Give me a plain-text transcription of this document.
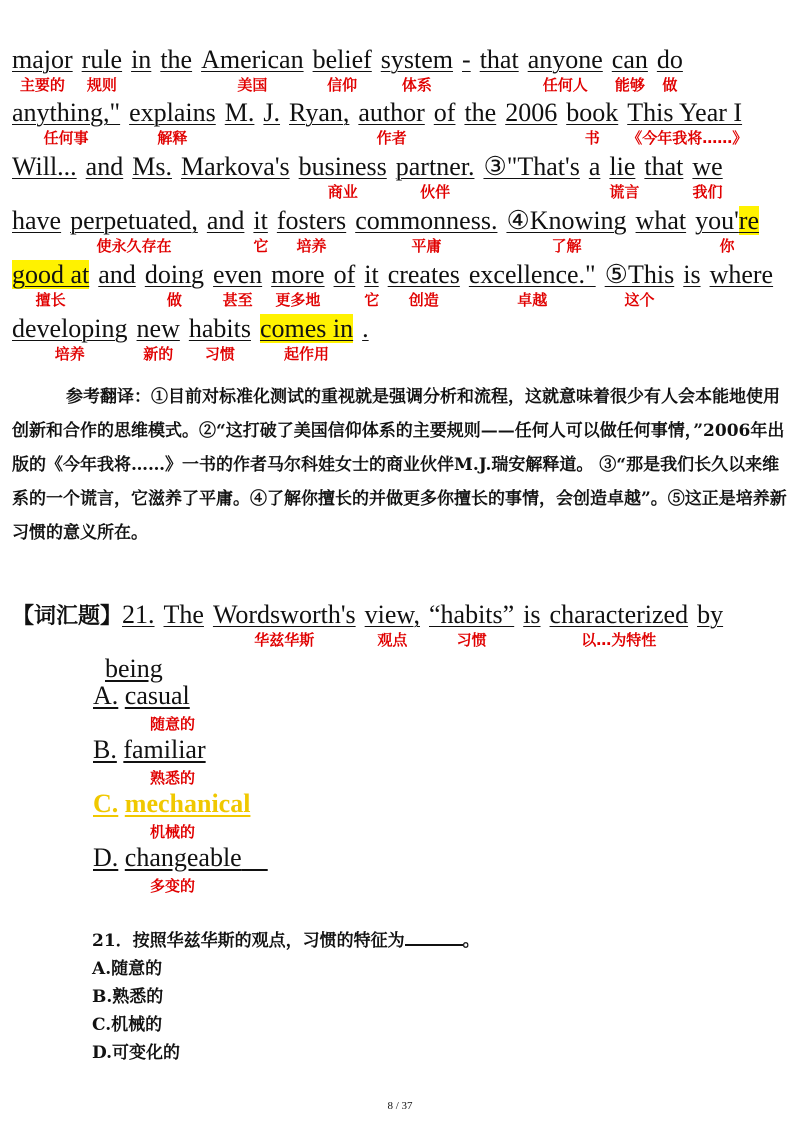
major
主要的
rule
规则
in the American
美国
belief
信仰
system
体系
- that anyone
任何人
can
能够
do
做
anything,"
任何事
explains
解释
M. J. Ryan, author
作者
of the 2006 book
书
This Year I
《今年我将……》
Will... and Ms. Markova's business
商业
partner.
伙伴
③"That's a lie
谎言
that we
我们
have perpetuated,
使永久存在
and it
它
fosters
培养
commonness.
平庸
④Knowing
了解
what you're
你
good at
擅长
and doing
做
even
甚至
more
更多地
of it
它
creates
创造
excellence."
卓越
⑤This
这个
is where
developing
培养
new
新的
habits
习惯
comes in
起作用
.
参考翻译：①目前对标准化测试的重视就是强调分析和流程，这就意味着很少有人会本能地使用创新和合作的思维模式。②“这打破了美国信仰体系的主要规则——任何人可以做任何事情，”2006年出版的《今年我将……》一书的作者马尔科娃女士的商业伙伴M.J.瑞安解释道。 ③“那是我们长久以来维系的一个谎言，它滋养了平庸。④了解你擅长的并做更多你擅长的事情，会创造卓越”。⑤这正是培养新习惯的意义所在。
【词汇题】21. The Wordsworth's
华兹华斯
view,
观点
“habits”
习惯
is characterized
以…为特性
by
being
A. casual
随意的
B. familiar
熟悉的
C. mechanical
机械的
D. changeable
多变的
21．按照华兹华斯的观点，习惯的特征为	。
A.随意的
B.熟悉的
C.机械的
D.可变化的
8 / 37
